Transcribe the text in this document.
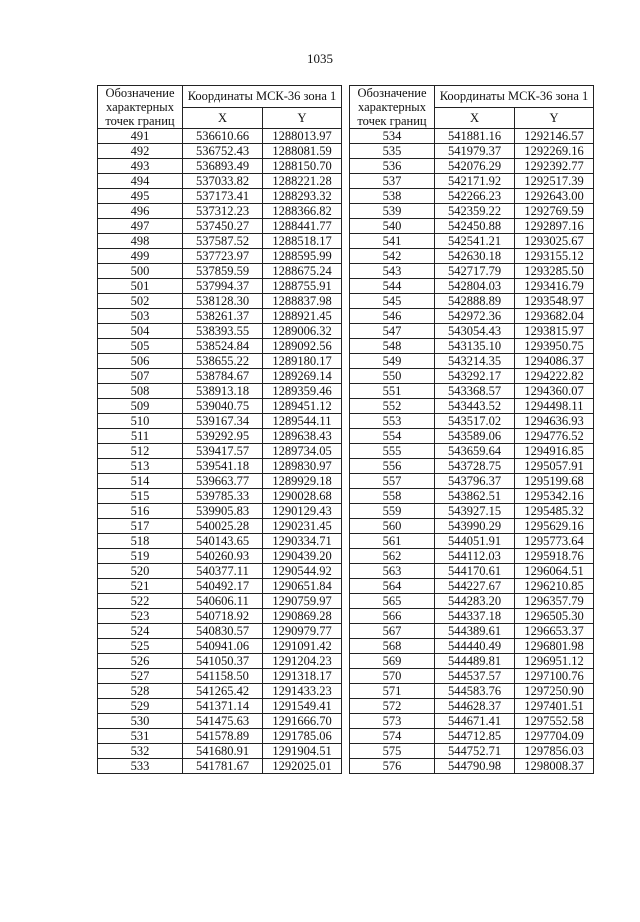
1035
Обозначение характерных точек границ	Координаты МСК-36 зона 1	
	X	Y
491	536610.66	1288013.97
492	536752.43	1288081.59
493	536893.49	1288150.70
494	537033.82	1288221.28
495	537173.41	1288293.32
496	537312.23	1288366.82
497	537450.27	1288441.77
498	537587.52	1288518.17
499	537723.97	1288595.99
500	537859.59	1288675.24
501	537994.37	1288755.91
502	538128.30	1288837.98
503	538261.37	1288921.45
504	538393.55	1289006.32
505	538524.84	1289092.56
506	538655.22	1289180.17
507	538784.67	1289269.14
508	538913.18	1289359.46
509	539040.75	1289451.12
510	539167.34	1289544.11
511	539292.95	1289638.43
512	539417.57	1289734.05
513	539541.18	1289830.97
514	539663.77	1289929.18
515	539785.33	1290028.68
516	539905.83	1290129.43
517	540025.28	1290231.45
518	540143.65	1290334.71
519	540260.93	1290439.20
520	540377.11	1290544.92
521	540492.17	1290651.84
522	540606.11	1290759.97
523	540718.92	1290869.28
524	540830.57	1290979.77
525	540941.06	1291091.42
526	541050.37	1291204.23
527	541158.50	1291318.17
528	541265.42	1291433.23
529	541371.14	1291549.41
530	541475.63	1291666.70
531	541578.89	1291785.06
532	541680.91	1291904.51
533	541781.67	1292025.01
Обозначение характерных точек границ	Координаты МСК-36 зона 1	
	X	Y
534	541881.16	1292146.57
535	541979.37	1292269.16
536	542076.29	1292392.77
537	542171.92	1292517.39
538	542266.23	1292643.00
539	542359.22	1292769.59
540	542450.88	1292897.16
541	542541.21	1293025.67
542	542630.18	1293155.12
543	542717.79	1293285.50
544	542804.03	1293416.79
545	542888.89	1293548.97
546	542972.36	1293682.04
547	543054.43	1293815.97
548	543135.10	1293950.75
549	543214.35	1294086.37
550	543292.17	1294222.82
551	543368.57	1294360.07
552	543443.52	1294498.11
553	543517.02	1294636.93
554	543589.06	1294776.52
555	543659.64	1294916.85
556	543728.75	1295057.91
557	543796.37	1295199.68
558	543862.51	1295342.16
559	543927.15	1295485.32
560	543990.29	1295629.16
561	544051.91	1295773.64
562	544112.03	1295918.76
563	544170.61	1296064.51
564	544227.67	1296210.85
565	544283.20	1296357.79
566	544337.18	1296505.30
567	544389.61	1296653.37
568	544440.49	1296801.98
569	544489.81	1296951.12
570	544537.57	1297100.76
571	544583.76	1297250.90
572	544628.37	1297401.51
573	544671.41	1297552.58
574	544712.85	1297704.09
575	544752.71	1297856.03
576	544790.98	1298008.37
